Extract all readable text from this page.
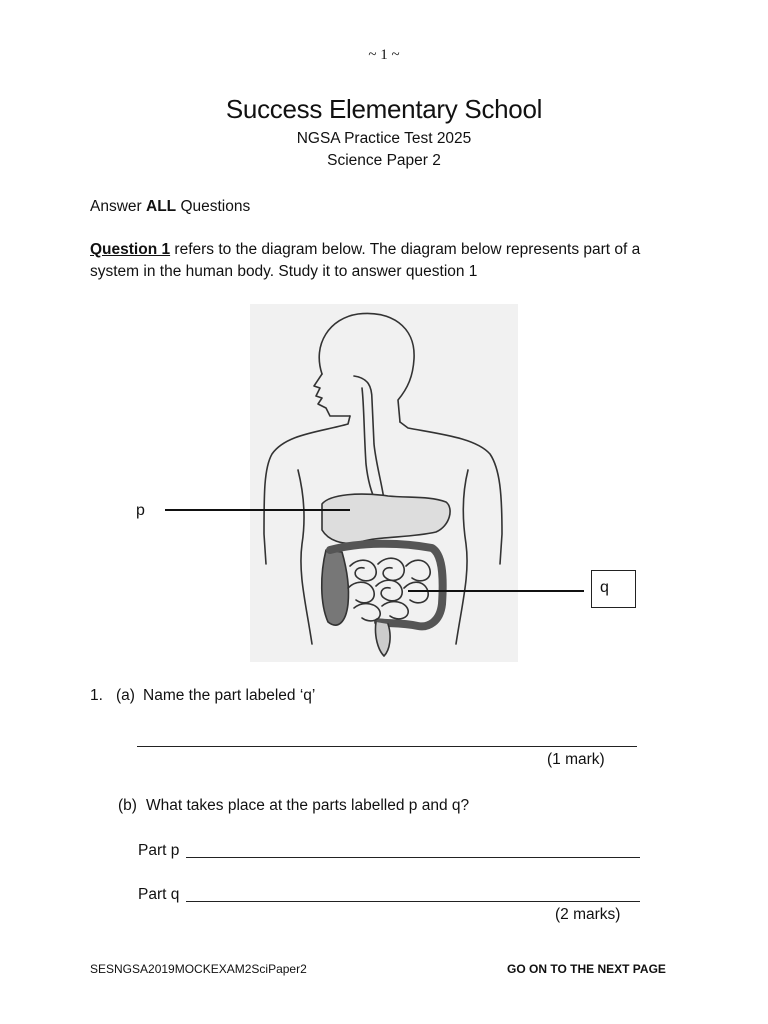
~ 1 ~
Success Elementary School
NGSA Practice Test 2025
Science Paper 2
Answer ALL Questions
Question 1 refers to the diagram below. The diagram below represents part of a system in the human body. Study it to answer question 1
p
q
1. (a) Name the part labeled ‘q’
(1 mark)
(b) What takes place at the parts labelled p and q?
Part p
Part q
(2 marks)
SESNGSA2019MOCKEXAM2SciPaper2	GO ON TO THE NEXT PAGE
